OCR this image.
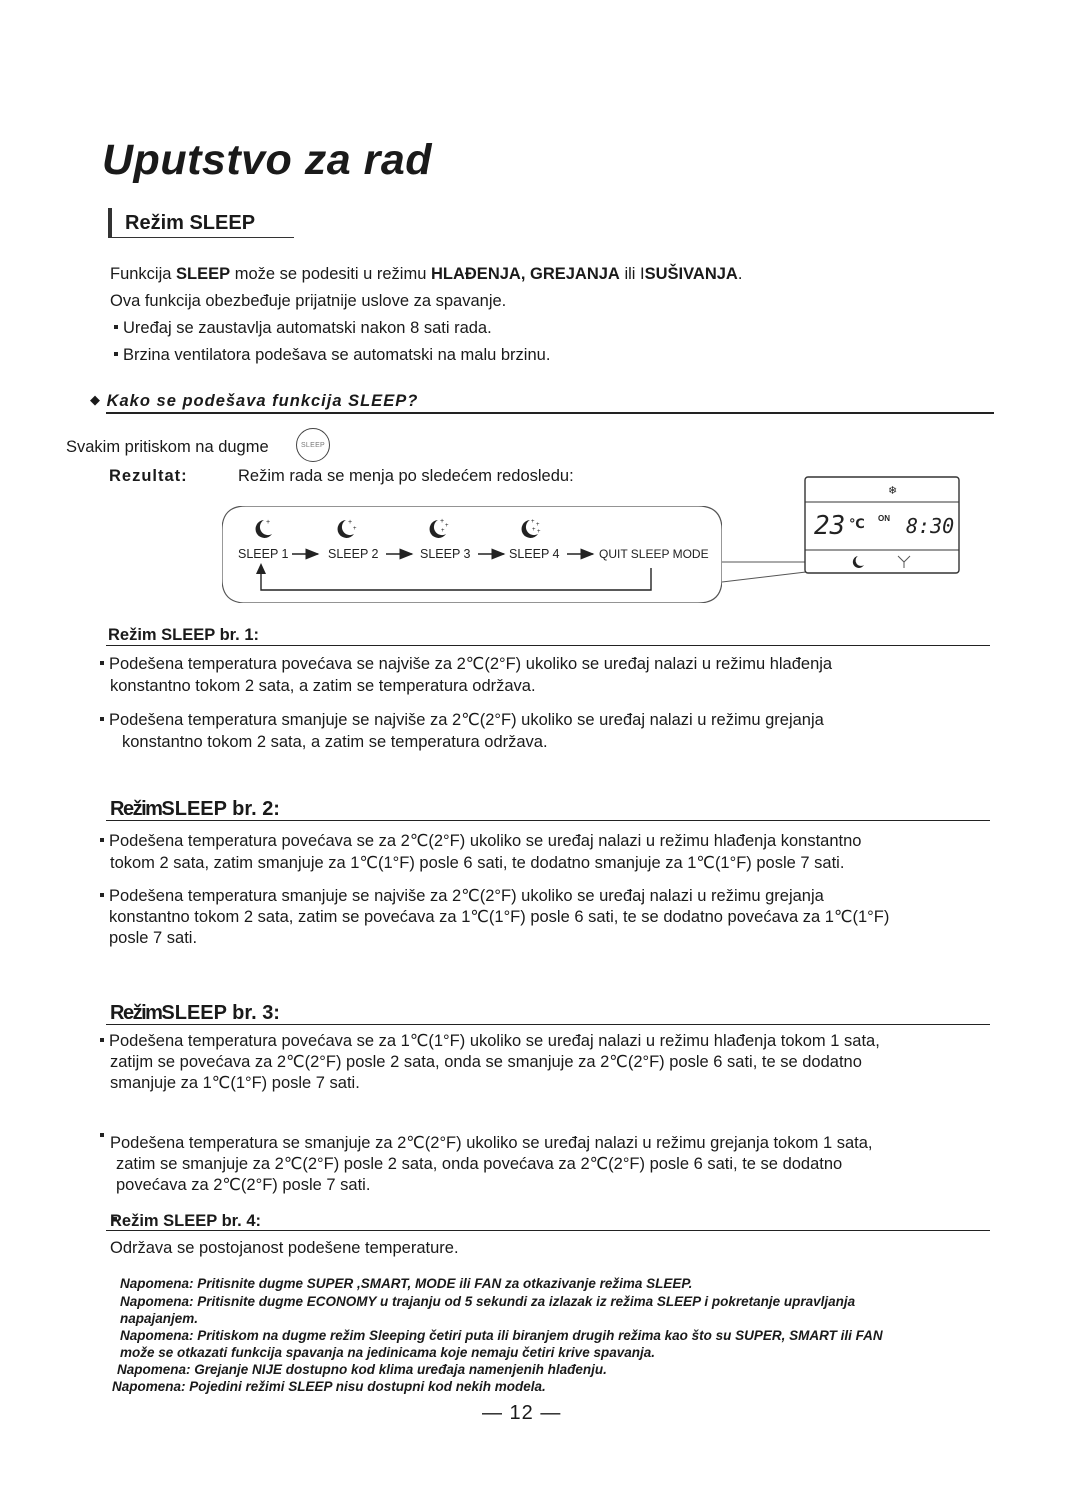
Uputstvo za rad
Režim SLEEP
Funkcija SLEEP može se podesiti u režimu HLAĐENJA, GREJANJA ili ISUŠIVANJA.
Ova funkcija obezbeđuje prijatnije uslove za spavanje.
Uređaj se zaustavlja automatski nakon 8 sati rada.
Brzina ventilatora podešava se automatski na malu brzinu.
◆ Kako se podešava funkcija SLEEP?
Svakim pritiskom na dugme	SLEEP
Rezultat:	Režim rada se menja po sledećem redosledu:
+	+
+
+
+
+
+ +
+ +
SLEEP 1	SLEEP 2	SLEEP 3	SLEEP 4	QUIT SLEEP MODE
❄
23 ℃ ON 8:30
Režim SLEEP br. 1:
Podešena temperatura povećava se najviše za 2℃(2°F) ukoliko se uređaj nalazi u režimu hlađenja
konstantno tokom 2 sata, a zatim se temperatura održava.
Podešena temperatura smanjuje se najviše za 2℃(2°F) ukoliko se uređaj nalazi u režimu grejanja
konstantno tokom 2 sata, a zatim se temperatura održava.
RežimSLEEP br. 2:
Podešena temperatura povećava se za 2℃(2°F) ukoliko se uređaj nalazi u režimu hlađenja konstantno
tokom 2 sata, zatim smanjuje za 1℃(1°F) posle 6 sati, te dodatno smanjuje za 1℃(1°F) posle 7 sati.
Podešena temperatura smanjuje se najviše za 2℃(2°F) ukoliko se uređaj nalazi u režimu grejanja
konstantno tokom 2 sata, zatim se povećava za 1℃(1°F) posle 6 sati, te se dodatno povećava za 1℃(1°F)
posle 7 sati.
RežimSLEEP br. 3:
Podešena temperatura povećava se za 1℃(1°F) ukoliko se uređaj nalazi u režimu hlađenja tokom 1 sata,
zatijm se povećava za 2℃(2°F) posle 2 sata, onda se smanjuje za 2℃(2°F) posle 6 sati, te se dodatno
smanjuje za 1℃(1°F) posle 7 sati.

Podešena temperatura se smanjuje za 2℃(2°F) ukoliko se uređaj nalazi u režimu grejanja tokom 1 sata,
zatim se smanjuje za 2℃(2°F) posle 2 sata, onda povećava za 2℃(2°F) posle 6 sati, te se dodatno
povećava za 2℃(2°F) posle 7 sati.
Režim SLEEP br. 4:
Održava se postojanost podešene temperature.
Napomena: Pritisnite dugme SUPER ,SMART, MODE ili FAN za otkazivanje režima SLEEP.
Napomena: Pritisnite dugme ECONOMY u trajanju od 5 sekundi za izlazak iz režima SLEEP i pokretanje upravljanja
napajanjem.
Napomena: Pritiskom na dugme režim Sleeping četiri puta ili biranjem drugih režima kao što su SUPER, SMART ili FAN
može se otkazati funkcija spavanja na jedinicama koje nemaju četiri krive spavanja.
Napomena: Grejanje NIJE dostupno kod klima uređaja namenjenih hlađenju.
Napomena: Pojedini režimi SLEEP nisu dostupni kod nekih modela.
— 12 —
